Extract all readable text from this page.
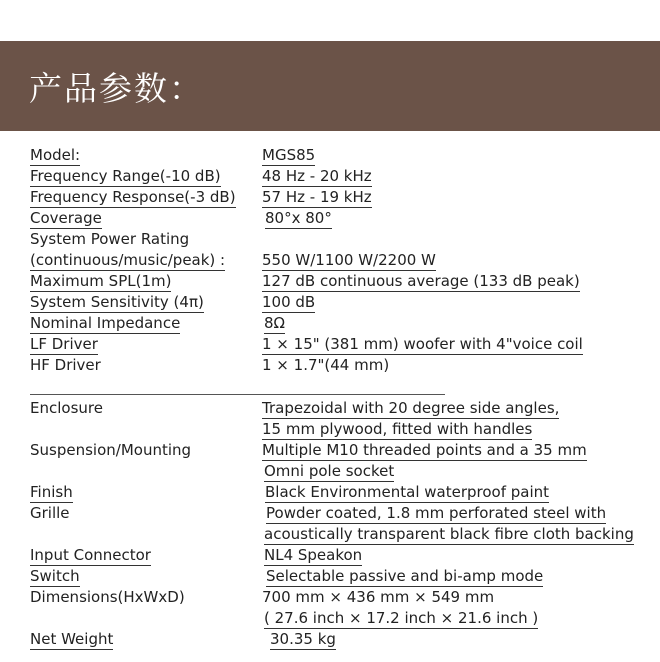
产品参数：
Model:	MGS85
Frequency Range(-10 dB)	48 Hz - 20 kHz
Frequency Response(-3 dB) 57 Hz - 19 kHz
Coverage	80°x 80°
System Power Rating
(continuous/music/peak) : 550 W/1100 W/2200 W
Maximum SPL(1m)	127 dB continuous average (133 dB peak)
System Sensitivity (4π)	100 dB
Nominal Impedance	8Ω
LF Driver	1 × 15" (381 mm) woofer with 4"voice coil
HF Driver	1 × 1.7"(44 mm)
Enclosure	Trapezoidal with 20 degree side angles,
15 mm plywood, fitted with handles
Suspension/Mounting	Multiple M10 threaded points and a 35 mm
Omni pole socket
Finish	Black Environmental waterproof paint
Grille	Powder coated, 1.8 mm perforated steel with
acoustically transparent black fibre cloth backing
Input Connector	NL4 Speakon
Switch	Selectable passive and bi-amp mode
Dimensions(HxWxD)	700 mm × 436 mm × 549 mm
( 27.6 inch × 17.2 inch × 21.6 inch )
Net Weight	30.35 kg
